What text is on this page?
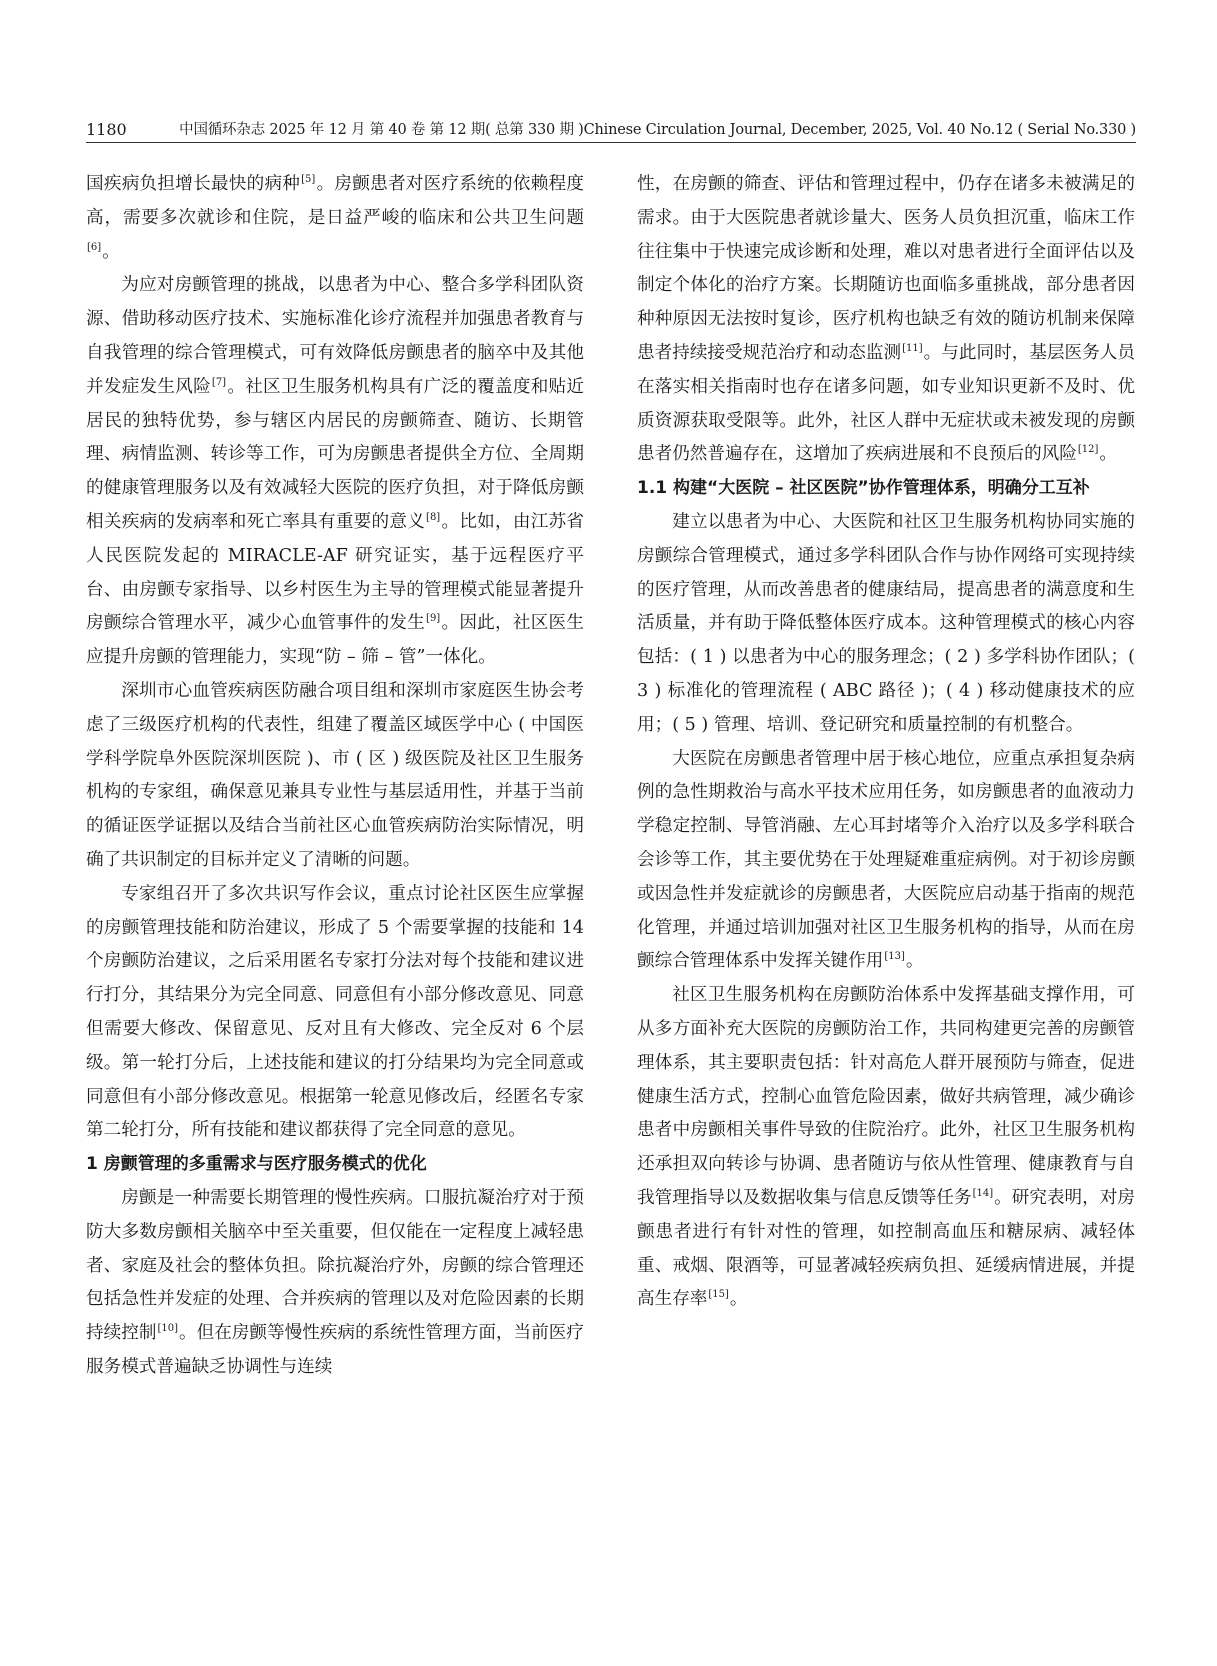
1180	中国循环杂志 2025 年 12 月 第 40 卷 第 12 期( 总第 330 期 )Chinese Circulation Journal, December, 2025, Vol. 40 No.12 ( Serial No.330 )

国疾病负担增长最快的病种[5]。房颤患者对医疗系统的依赖程度高，需要多次就诊和住院，是日益严峻的临床和公共卫生问题[6]。

为应对房颤管理的挑战，以患者为中心、整合多学科团队资源、借助移动医疗技术、实施标准化诊疗流程并加强患者教育与自我管理的综合管理模式，可有效降低房颤患者的脑卒中及其他并发症发生风险[7]。社区卫生服务机构具有广泛的覆盖度和贴近居民的独特优势，参与辖区内居民的房颤筛查、随访、长期管理、病情监测、转诊等工作，可为房颤患者提供全方位、全周期的健康管理服务以及有效减轻大医院的医疗负担，对于降低房颤相关疾病的发病率和死亡率具有重要的意义[8]。比如，由江苏省人民医院发起的 MIRACLE-AF 研究证实，基于远程医疗平台、由房颤专家指导、以乡村医生为主导的管理模式能显著提升房颤综合管理水平，减少心血管事件的发生[9]。因此，社区医生应提升房颤的管理能力，实现“防 – 筛 – 管”一体化。

深圳市心血管疾病医防融合项目组和深圳市家庭医生协会考虑了三级医疗机构的代表性，组建了覆盖区域医学中心 ( 中国医学科学院阜外医院深圳医院 )、市 ( 区 ) 级医院及社区卫生服务机构的专家组，确保意见兼具专业性与基层适用性，并基于当前的循证医学证据以及结合当前社区心血管疾病防治实际情况，明确了共识制定的目标并定义了清晰的问题。

专家组召开了多次共识写作会议，重点讨论社区医生应掌握的房颤管理技能和防治建议，形成了 5 个需要掌握的技能和 14 个房颤防治建议，之后采用匿名专家打分法对每个技能和建议进行打分，其结果分为完全同意、同意但有小部分修改意见、同意但需要大修改、保留意见、反对且有大修改、完全反对 6 个层级。第一轮打分后，上述技能和建议的打分结果均为完全同意或同意但有小部分修改意见。根据第一轮意见修改后，经匿名专家第二轮打分，所有技能和建议都获得了完全同意的意见。

1 房颤管理的多重需求与医疗服务模式的优化

房颤是一种需要长期管理的慢性疾病。口服抗凝治疗对于预防大多数房颤相关脑卒中至关重要，但仅能在一定程度上减轻患者、家庭及社会的整体负担。除抗凝治疗外，房颤的综合管理还包括急性并发症的处理、合并疾病的管理以及对危险因素的长期持续控制[10]。但在房颤等慢性疾病的系统性管理方面，当前医疗服务模式普遍缺乏协调性与连续

性，在房颤的筛查、评估和管理过程中，仍存在诸多未被满足的需求。由于大医院患者就诊量大、医务人员负担沉重，临床工作往往集中于快速完成诊断和处理，难以对患者进行全面评估以及制定个体化的治疗方案。长期随访也面临多重挑战，部分患者因种种原因无法按时复诊，医疗机构也缺乏有效的随访机制来保障患者持续接受规范治疗和动态监测[11]。与此同时，基层医务人员在落实相关指南时也存在诸多问题，如专业知识更新不及时、优质资源获取受限等。此外，社区人群中无症状或未被发现的房颤患者仍然普遍存在，这增加了疾病进展和不良预后的风险[12]。

1.1 构建“大医院 – 社区医院”协作管理体系，明确分工互补

建立以患者为中心、大医院和社区卫生服务机构协同实施的房颤综合管理模式，通过多学科团队合作与协作网络可实现持续的医疗管理，从而改善患者的健康结局，提高患者的满意度和生活质量，并有助于降低整体医疗成本。这种管理模式的核心内容包括：( 1 ) 以患者为中心的服务理念；( 2 ) 多学科协作团队；( 3 ) 标准化的管理流程 ( ABC 路径 )；( 4 ) 移动健康技术的应用；( 5 ) 管理、培训、登记研究和质量控制的有机整合。

大医院在房颤患者管理中居于核心地位，应重点承担复杂病例的急性期救治与高水平技术应用任务，如房颤患者的血液动力学稳定控制、导管消融、左心耳封堵等介入治疗以及多学科联合会诊等工作，其主要优势在于处理疑难重症病例。对于初诊房颤或因急性并发症就诊的房颤患者，大医院应启动基于指南的规范化管理，并通过培训加强对社区卫生服务机构的指导，从而在房颤综合管理体系中发挥关键作用[13]。

社区卫生服务机构在房颤防治体系中发挥基础支撑作用，可从多方面补充大医院的房颤防治工作，共同构建更完善的房颤管理体系，其主要职责包括：针对高危人群开展预防与筛查，促进健康生活方式，控制心血管危险因素，做好共病管理，减少确诊患者中房颤相关事件导致的住院治疗。此外，社区卫生服务机构还承担双向转诊与协调、患者随访与依从性管理、健康教育与自我管理指导以及数据收集与信息反馈等任务[14]。研究表明，对房颤患者进行有针对性的管理，如控制高血压和糖尿病、减轻体重、戒烟、限酒等，可显著减轻疾病负担、延缓病情进展，并提高生存率[15]。
